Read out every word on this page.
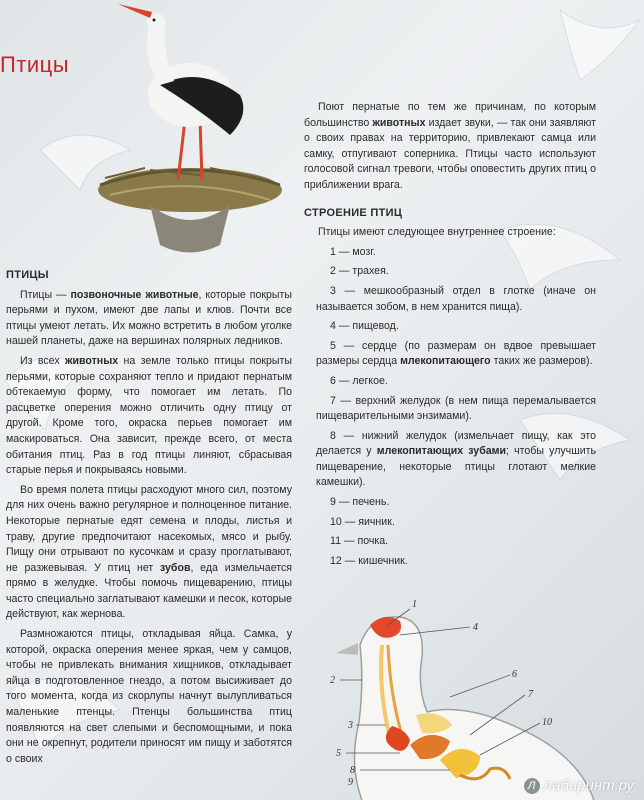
Птицы

ПТИЦЫ

Птицы — позвоночные животные, которые покрыты перьями и пухом, имеют две лапы и клюв. Почти все птицы умеют летать. Их можно встретить в любом уголке нашей планеты, даже на вершинах полярных ледников.

Из всех животных на земле только птицы покрыты перьями, которые сохраняют тепло и придают пернатым обтекаемую форму, что помогает им летать. По расцветке оперения можно отличить одну птицу от другой. Кроме того, окраска перьев помогает им маскироваться. Она зависит, прежде всего, от места обитания птиц. Раз в год птицы линяют, сбрасывая старые перья и покрываясь новыми.

Во время полета птицы расходуют много сил, поэтому для них очень важно регулярное и полноценное питание. Некоторые пернатые едят семена и плоды, листья и траву, другие предпочитают насекомых, мясо и рыбу. Пищу они отрывают по кусочкам и сразу проглатывают, не разжевывая. У птиц нет зубов, еда измельчается прямо в желудке. Чтобы помочь пищеварению, птицы часто специально заглатывают камешки и песок, которые действуют, как жернова.

Размножаются птицы, откладывая яйца. Самка, у которой, окраска оперения менее яркая, чем у самцов, чтобы не привлекать внимания хищников, откладывает яйца в подготовленное гнездо, а потом высиживает до того момента, когда из скорлупы начнут вылупливаться маленькие птенцы. Птенцы большинства птиц появляются на свет слепыми и беспомощными, и пока они не окрепнут, родители приносят им пищу и заботятся о своих

Поют пернатые по тем же причинам, по которым большинство животных издает звуки, — так они заявляют о своих правах на территорию, привлекают самца или самку, отпугивают соперника. Птицы часто используют голосовой сигнал тревоги, чтобы оповестить других птиц о приближении врага.

СТРОЕНИЕ ПТИЦ

Птицы имеют следующее внутреннее строение:

1 — мозг.

2 — трахея.

3 — мешкообразный отдел в глотке (иначе он называется зобом, в нем хранится пища).

4 — пищевод.

5 — сердце (по размерам он вдвое превышает размеры сердца млекопитающего таких же размеров).

6 — легкое.

7 — верхний желудок (в нем пища перемалывается пищеварительными энзимами).

8 — нижний желудок (измельчает пищу, как это делается у млекопитающих зубами; чтобы улучшить пищеварение, некоторые птицы глотают мелкие камешки).

9 — печень.

10 — яичник.

11 — почка.

12 — кишечник.

1
2
3
4
5
6
7
8
9
10
Л лабиринт.ру
